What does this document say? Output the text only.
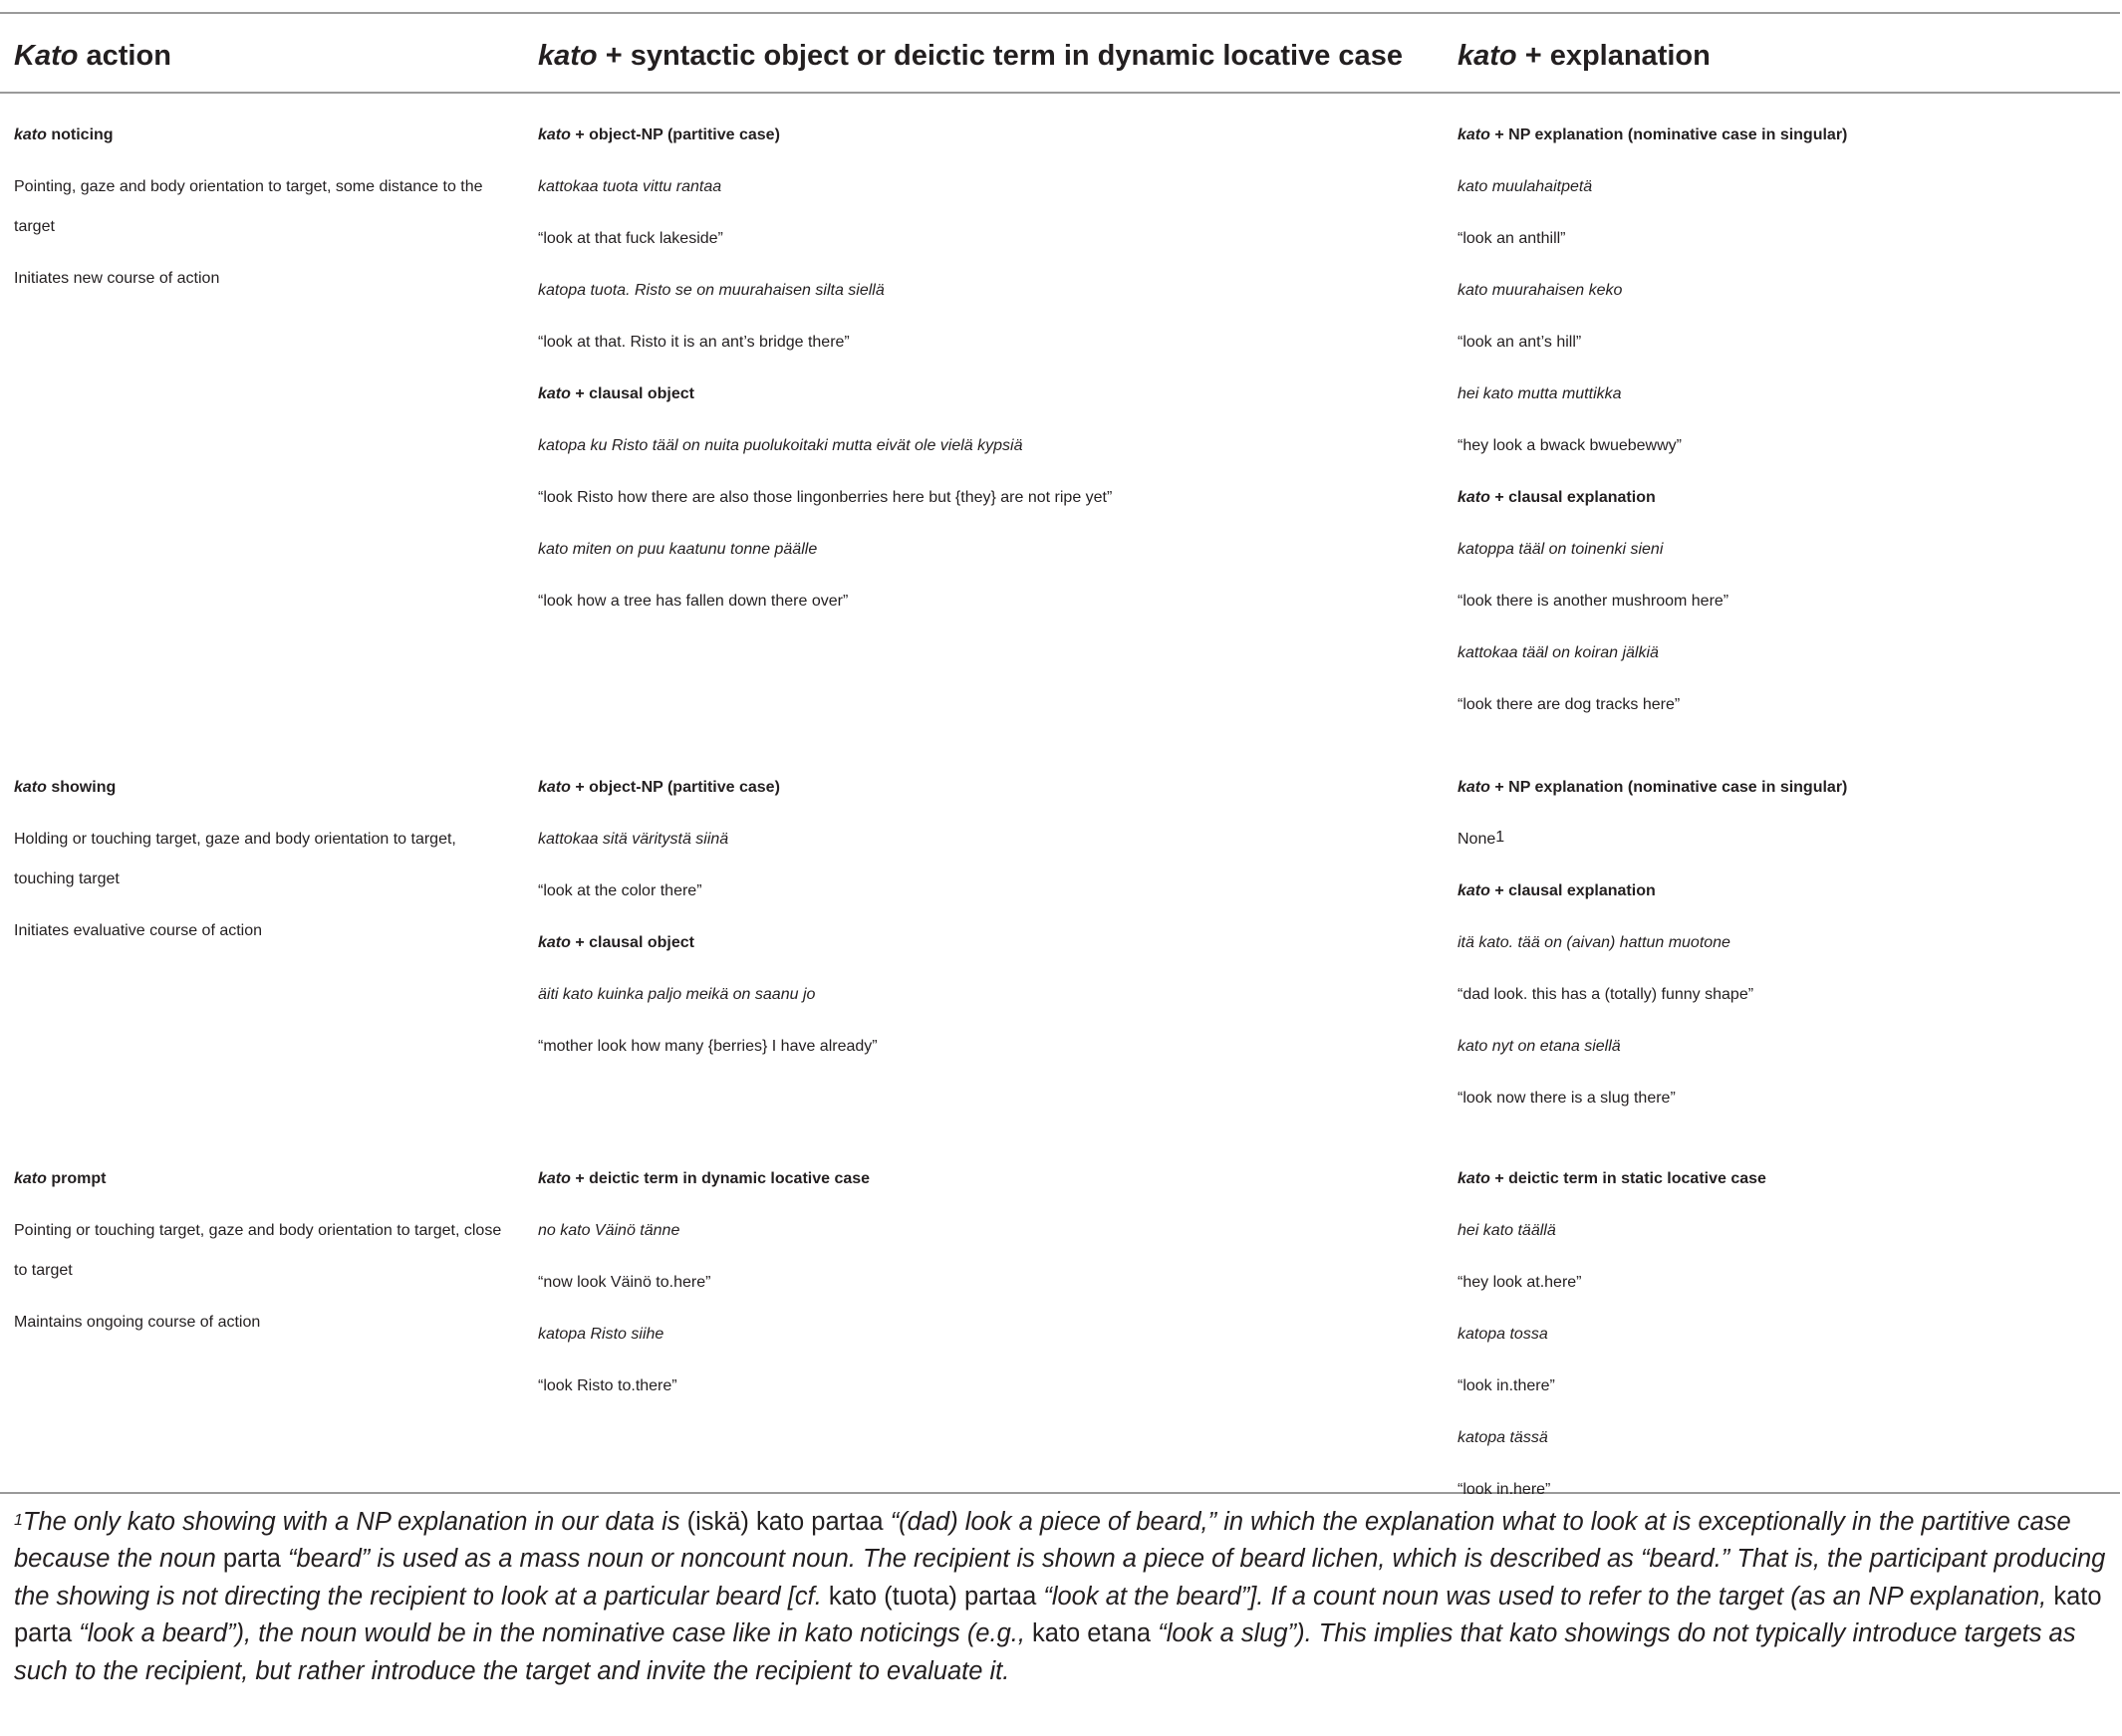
Kato action	kato + syntactic object or deictic term in dynamic locative case kato + explanation
kato noticing
Pointing, gaze and body orientation to target, some distance to the target
Initiates new course of action
kato showing
Holding or touching target, gaze and body orientation to target, touching target
Initiates evaluative course of action
kato prompt
Pointing or touching target, gaze and body orientation to target, close to target
Maintains ongoing course of action
kato + object-NP (partitive case)
kattokaa tuota vittu rantaa
“look at that fuck lakeside”
katopa tuota. Risto se on muurahaisen silta siellä
“look at that. Risto it is an ant’s bridge there”
kato + clausal object
katopa ku Risto tääl on nuita puolukoitaki mutta eivät ole vielä kypsiä
“look Risto how there are also those lingonberries here but {they} are not ripe yet”
kato miten on puu kaatunu tonne päälle
“look how a tree has fallen down there over”
kato + object-NP (partitive case)
kattokaa sitä väritystä siinä
“look at the color there”
kato + clausal object
äiti kato kuinka paljo meikä on saanu jo
“mother look how many {berries} I have already”
kato + deictic term in dynamic locative case
no kato Väinö tänne
“now look Väinö to.here”
katopa Risto siihe
“look Risto to.there”
kato + NP explanation (nominative case in singular)
kato muulahaitpetä
“look an anthill”
kato muurahaisen keko
“look an ant’s hill”
hei kato mutta muttikka
“hey look a bwack bwuebewwy”
kato + clausal explanation
katoppa tääl on toinenki sieni
“look there is another mushroom here”
kattokaa tääl on koiran jälkiä
“look there are dog tracks here”
kato + NP explanation (nominative case in singular)
None$^1$
kato + clausal explanation
itä kato. tää on (aivan) hattun muotone
“dad look. this has a (totally) funny shape”
kato nyt on etana siellä
“look now there is a slug there”
kato + deictic term in static locative case
hei kato täällä
“hey look at.here”
katopa tossa
“look in.there”
katopa tässä
“look in.here”
$^1$The only kato showing with a NP explanation in our data is (iskä) kato partaa “(dad) look a piece of beard,” in which the explanation what to look at is exceptionally in the partitive case because the noun parta “beard” is used as a mass noun or noncount noun. The recipient is shown a piece of beard lichen, which is described as “beard.” That is, the participant producing the showing is not directing the recipient to look at a particular beard [cf. kato (tuota) partaa “look at the beard”]. If a count noun was used to refer to the target (as an NP explanation, kato parta “look a beard”), the noun would be in the nominative case like in kato noticings (e.g., kato etana “look a slug”). This implies that kato showings do not typically introduce targets as such to the recipient, but rather introduce the target and invite the recipient to evaluate it.
